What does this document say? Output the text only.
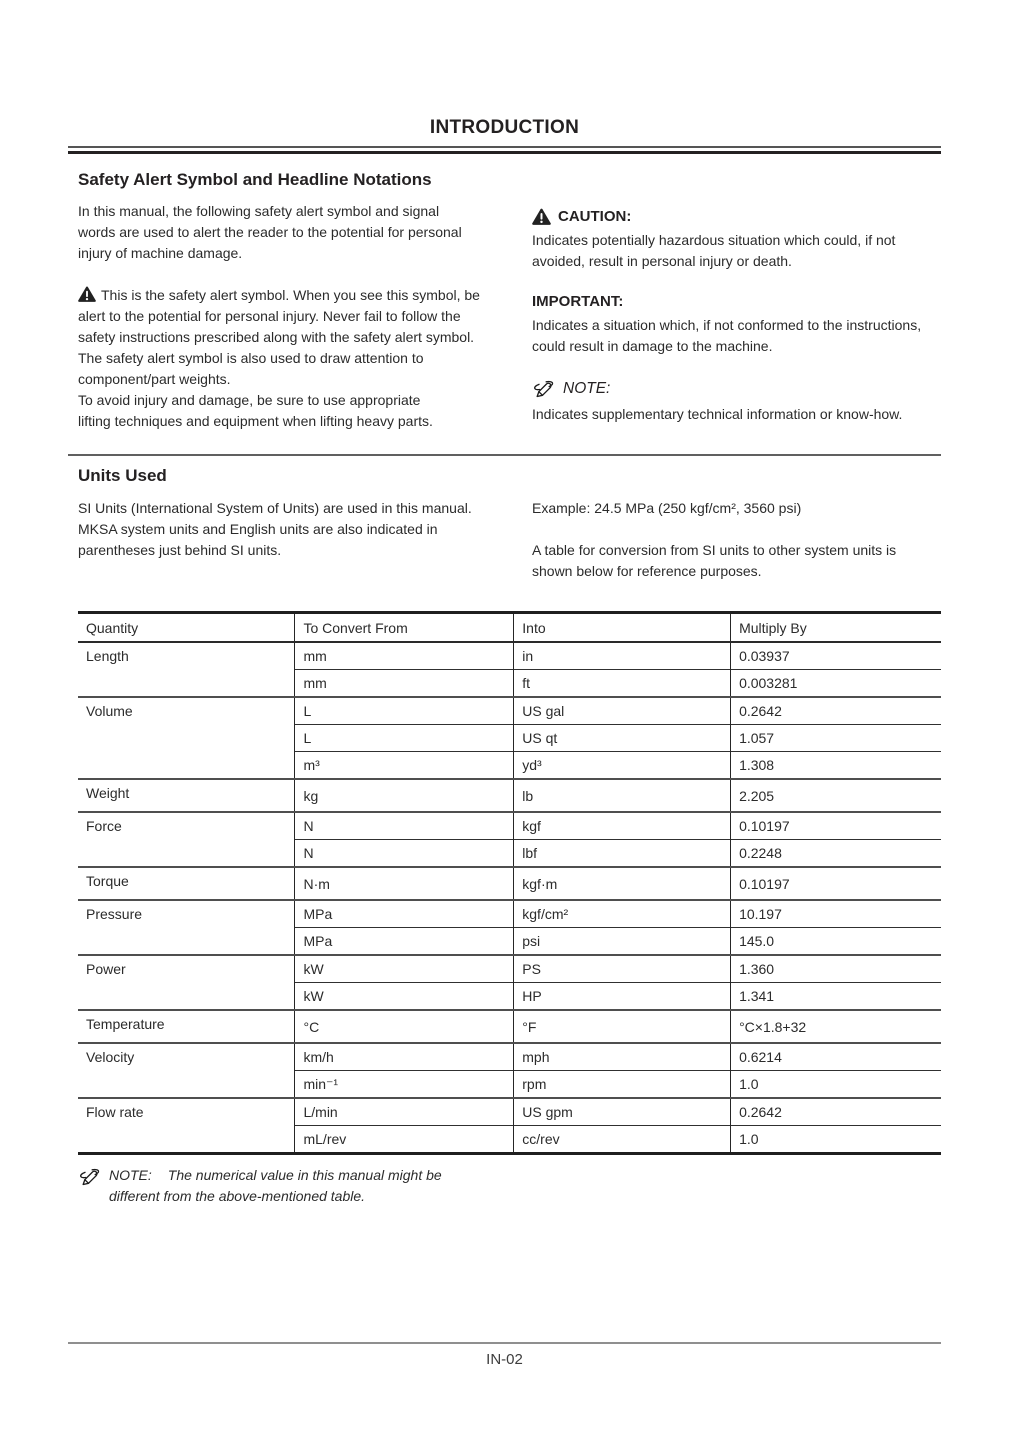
INTRODUCTION
Safety Alert Symbol and Headline Notations

In this manual, the following safety alert symbol and signal words are used to alert the reader to the potential for personal injury of machine damage.

This is the safety alert symbol. When you see this symbol, be alert to the potential for personal injury. Never fail to follow the safety instructions prescribed along with the safety alert symbol.

The safety alert symbol is also used to draw attention to component/part weights.

To avoid injury and damage, be sure to use appropriate lifting techniques and equipment when lifting heavy parts.

CAUTION:

Indicates potentially hazardous situation which could, if not avoided, result in personal injury or death.

IMPORTANT:

Indicates a situation which, if not conformed to the instructions, could result in damage to the machine.

NOTE:

Indicates supplementary technical information or know-how.

Units Used

SI Units (International System of Units) are used in this manual. MKSA system units and English units are also indicated in parentheses just behind SI units.

Example: 24.5 MPa (250 kgf/cm², 3560 psi)

A table for conversion from SI units to other system units is shown below for reference purposes.

Quantity	To Convert From	Into	Multiply By
Length	mm	in	0.03937
	mm	ft	0.003281
Volume	L	US gal	0.2642
	L	US qt	1.057
	m³	yd³	1.308
Weight	kg	lb	2.205
Force	N	kgf	0.10197
	N	lbf	0.2248
Torque	N·m	kgf·m	0.10197
Pressure	MPa	kgf/cm²	10.197
	MPa	psi	145.0
Power	kW	PS	1.360
	kW	HP	1.341
Temperature	°C	°F	°C×1.8+32
Velocity	km/h	mph	0.6214
	min⁻¹	rpm	1.0
Flow rate	L/min	US gpm	0.2642
	mL/rev	cc/rev	1.0
NOTE: The numerical value in this manual might be different from the above-mentioned table.
IN-02
